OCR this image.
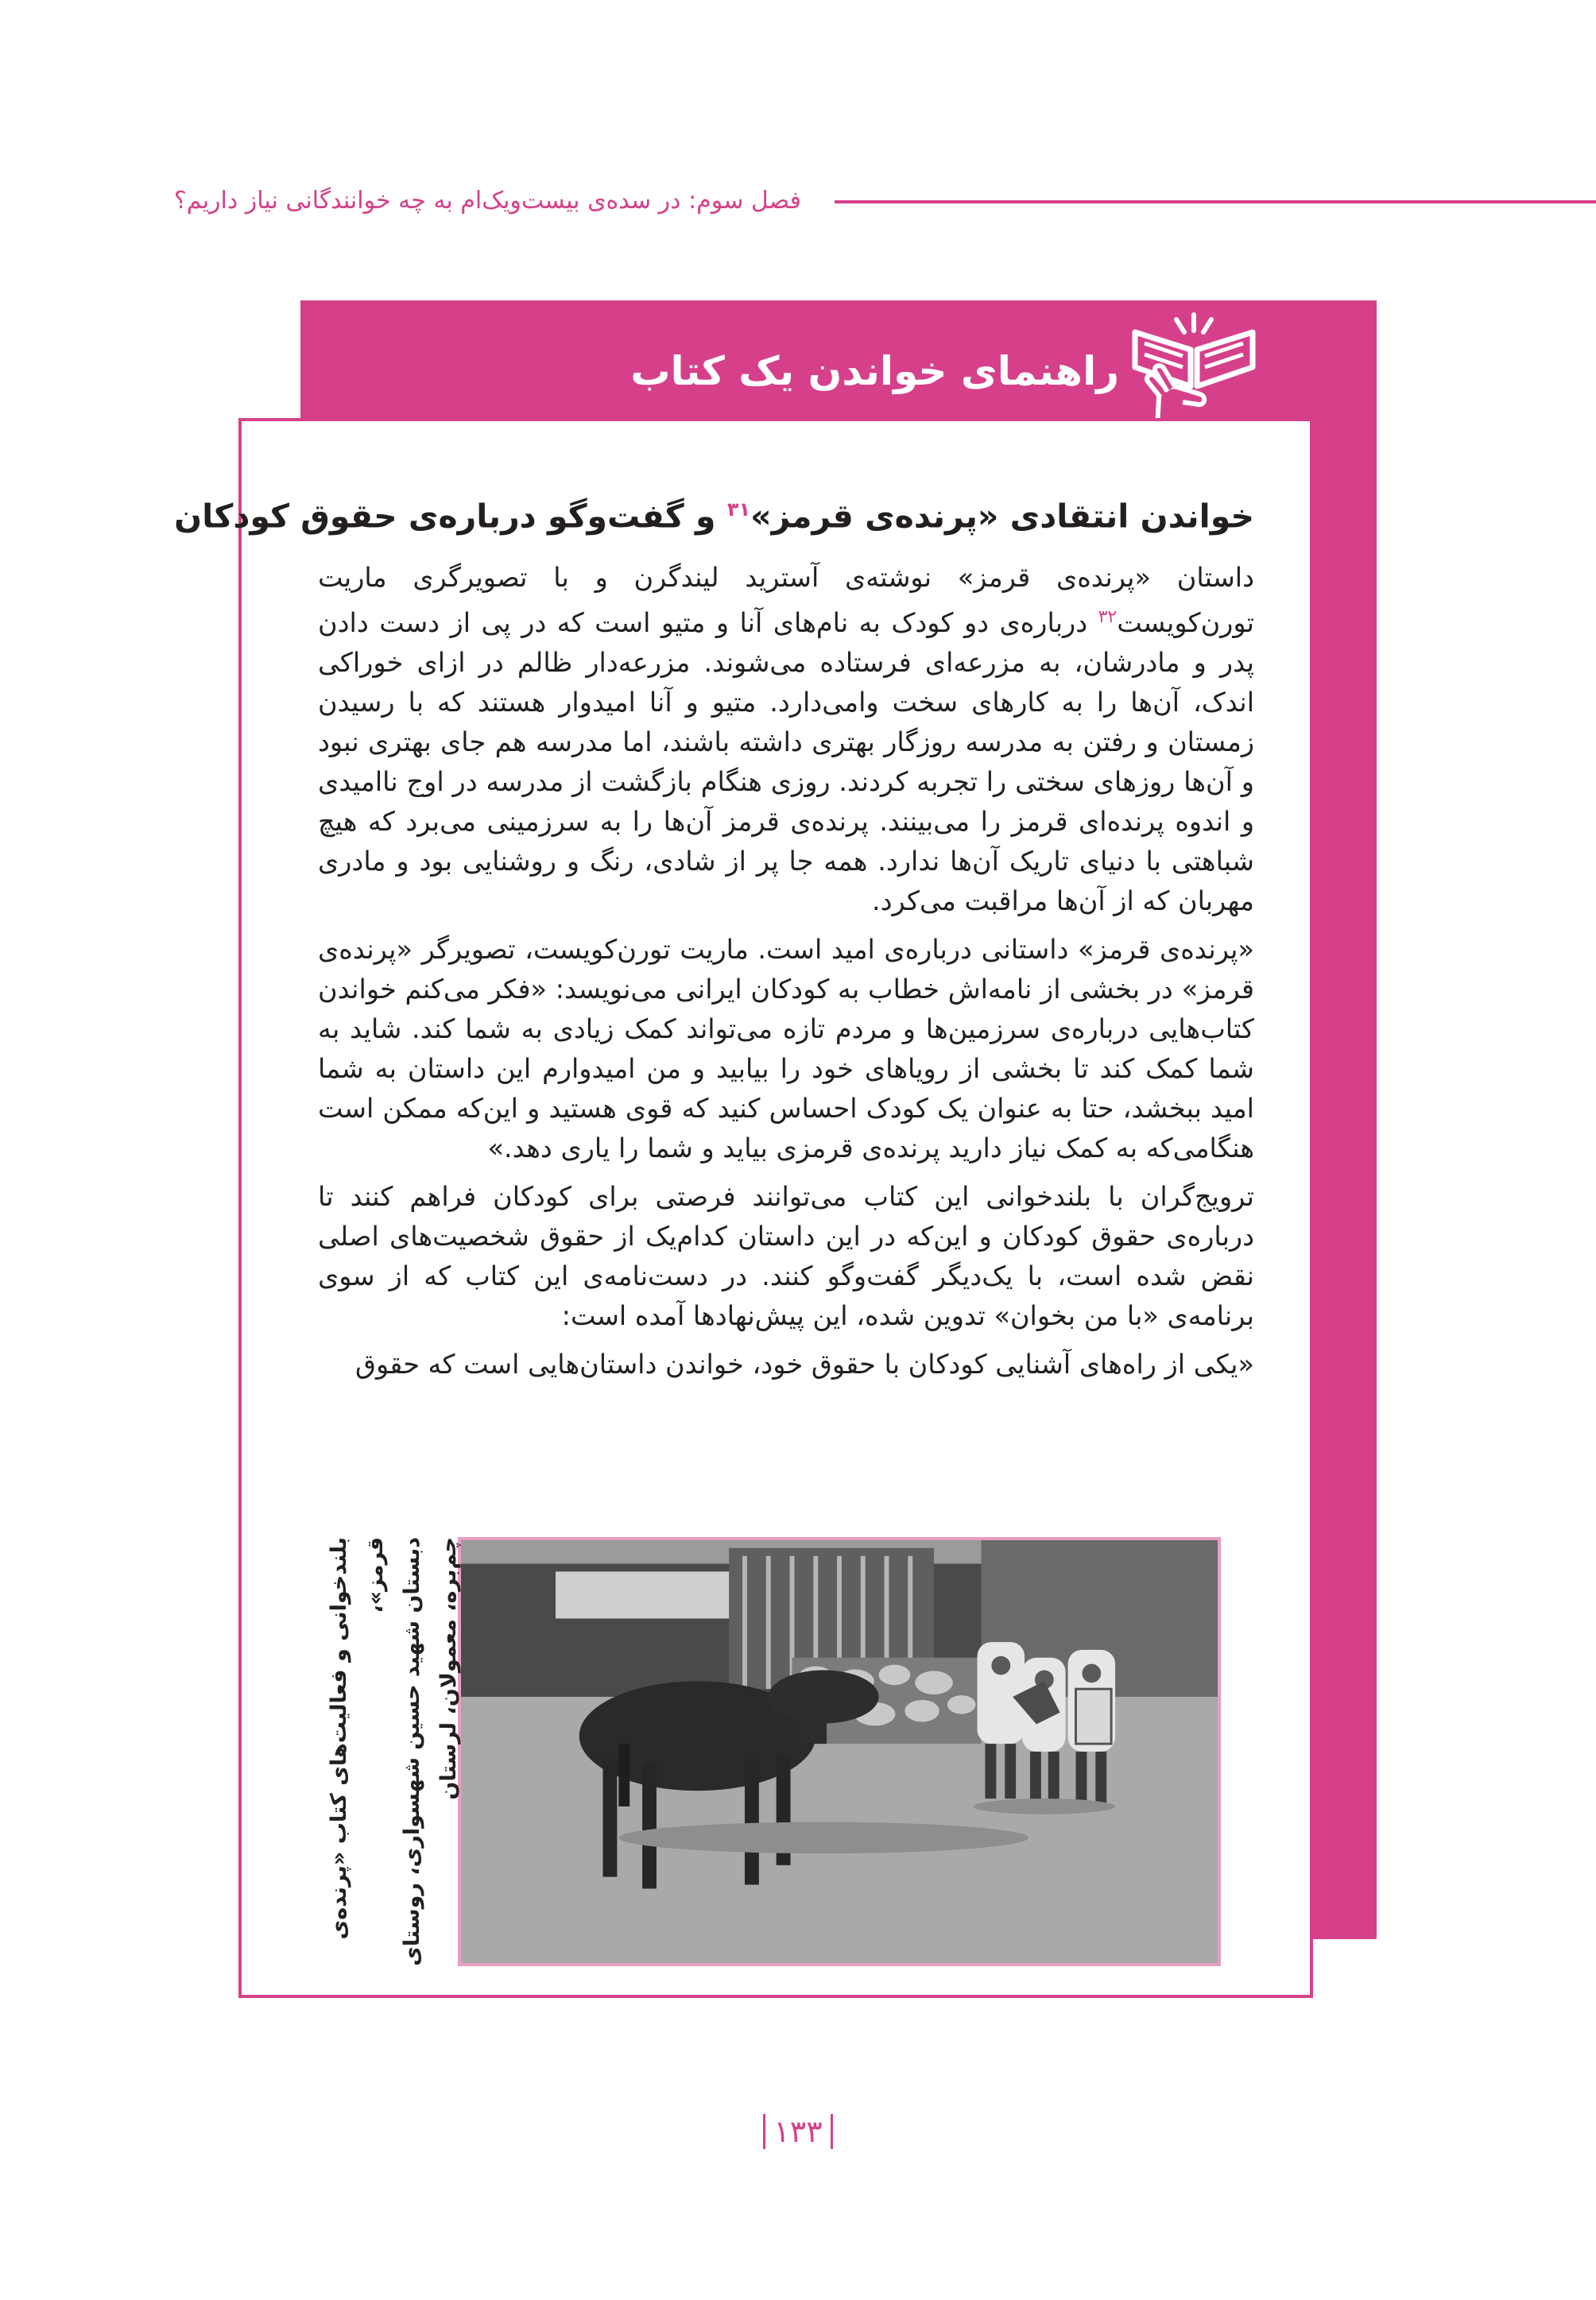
فصل سوم: در سده‌ی بیست‌ویک‌ام به چه خوانندگانی نیاز داریم؟
راهنمای خواندن یک کتاب
خواندن انتقادی «پرنده‌ی قرمز»$^{۳۱}$ و گفت‌وگو درباره‌ی حقوق کودکان

داستان «پرنده‌ی قرمز» نوشته‌ی آسترید لیندگرن و با تصویرگری ماریت تورن‌کویست$^{۳۲}$ درباره‌ی دو کودک به نام‌های آنا و متیو است که در پی از دست دادن پدر و مادرشان، به مزرعه‌ای فرستاده می‌شوند. مزرعه‌دار ظالم در ازای خوراکی اندک، آن‌ها را به کارهای سخت وامی‌دارد. متیو و آنا امیدوار هستند که با رسیدن زمستان و رفتن به مدرسه روزگار بهتری داشته باشند، اما مدرسه هم جای بهتری نبود و آن‌ها روزهای سختی را تجربه کردند. روزی هنگام بازگشت از مدرسه در اوج ناامیدی و اندوه پرنده‌ای قرمز را می‌بینند. پرنده‌ی قرمز آن‌ها را به سرزمینی می‌برد که هیچ شباهتی با دنیای تاریک آن‌ها ندارد. همه جا پر از شادی، رنگ و روشنایی بود و مادری مهربان که از آن‌ها مراقبت می‌کرد.

«پرنده‌ی قرمز» داستانی درباره‌ی امید است. ماریت تورن‌کویست، تصویرگر «پرنده‌ی قرمز» در بخشی از نامه‌اش خطاب به کودکان ایرانی می‌نویسد: «فکر می‌کنم خواندن کتاب‌هایی درباره‌ی سرزمین‌ها و مردم تازه می‌تواند کمک زیادی به شما کند. شاید به شما کمک کند تا بخشی از رویاهای خود را بیابید و من امیدوارم این داستان به شما امید ببخشد، حتا به عنوان یک کودک احساس کنید که قوی هستید و این‌که ممکن است هنگامی‌که به کمک نیاز دارید پرنده‌ی قرمزی بیاید و شما را یاری دهد.»

ترویج‌گران با بلندخوانی این کتاب می‌توانند فرصتی برای کودکان فراهم کنند تا درباره‌ی حقوق کودکان و این‌که در این داستان کدام‌یک از حقوق شخصیت‌های اصلی نقض شده است، با یک‌دیگر گفت‌وگو کنند. در دست‌نامه‌ی این کتاب که از سوی برنامه‌ی «با من بخوان» تدوین شده، این پیش‌نهادها آمده است:

«یکی از راه‌های آشنایی کودکان با حقوق خود، خواندن داستان‌هایی است که حقوق

بلندخوانی و فعالیت‌های کتاب «پرنده‌ی قرمز»، دبستان شهید حسین شهسواری، روستای چم‌بره، معمولان، لرستان
۱۳۳
